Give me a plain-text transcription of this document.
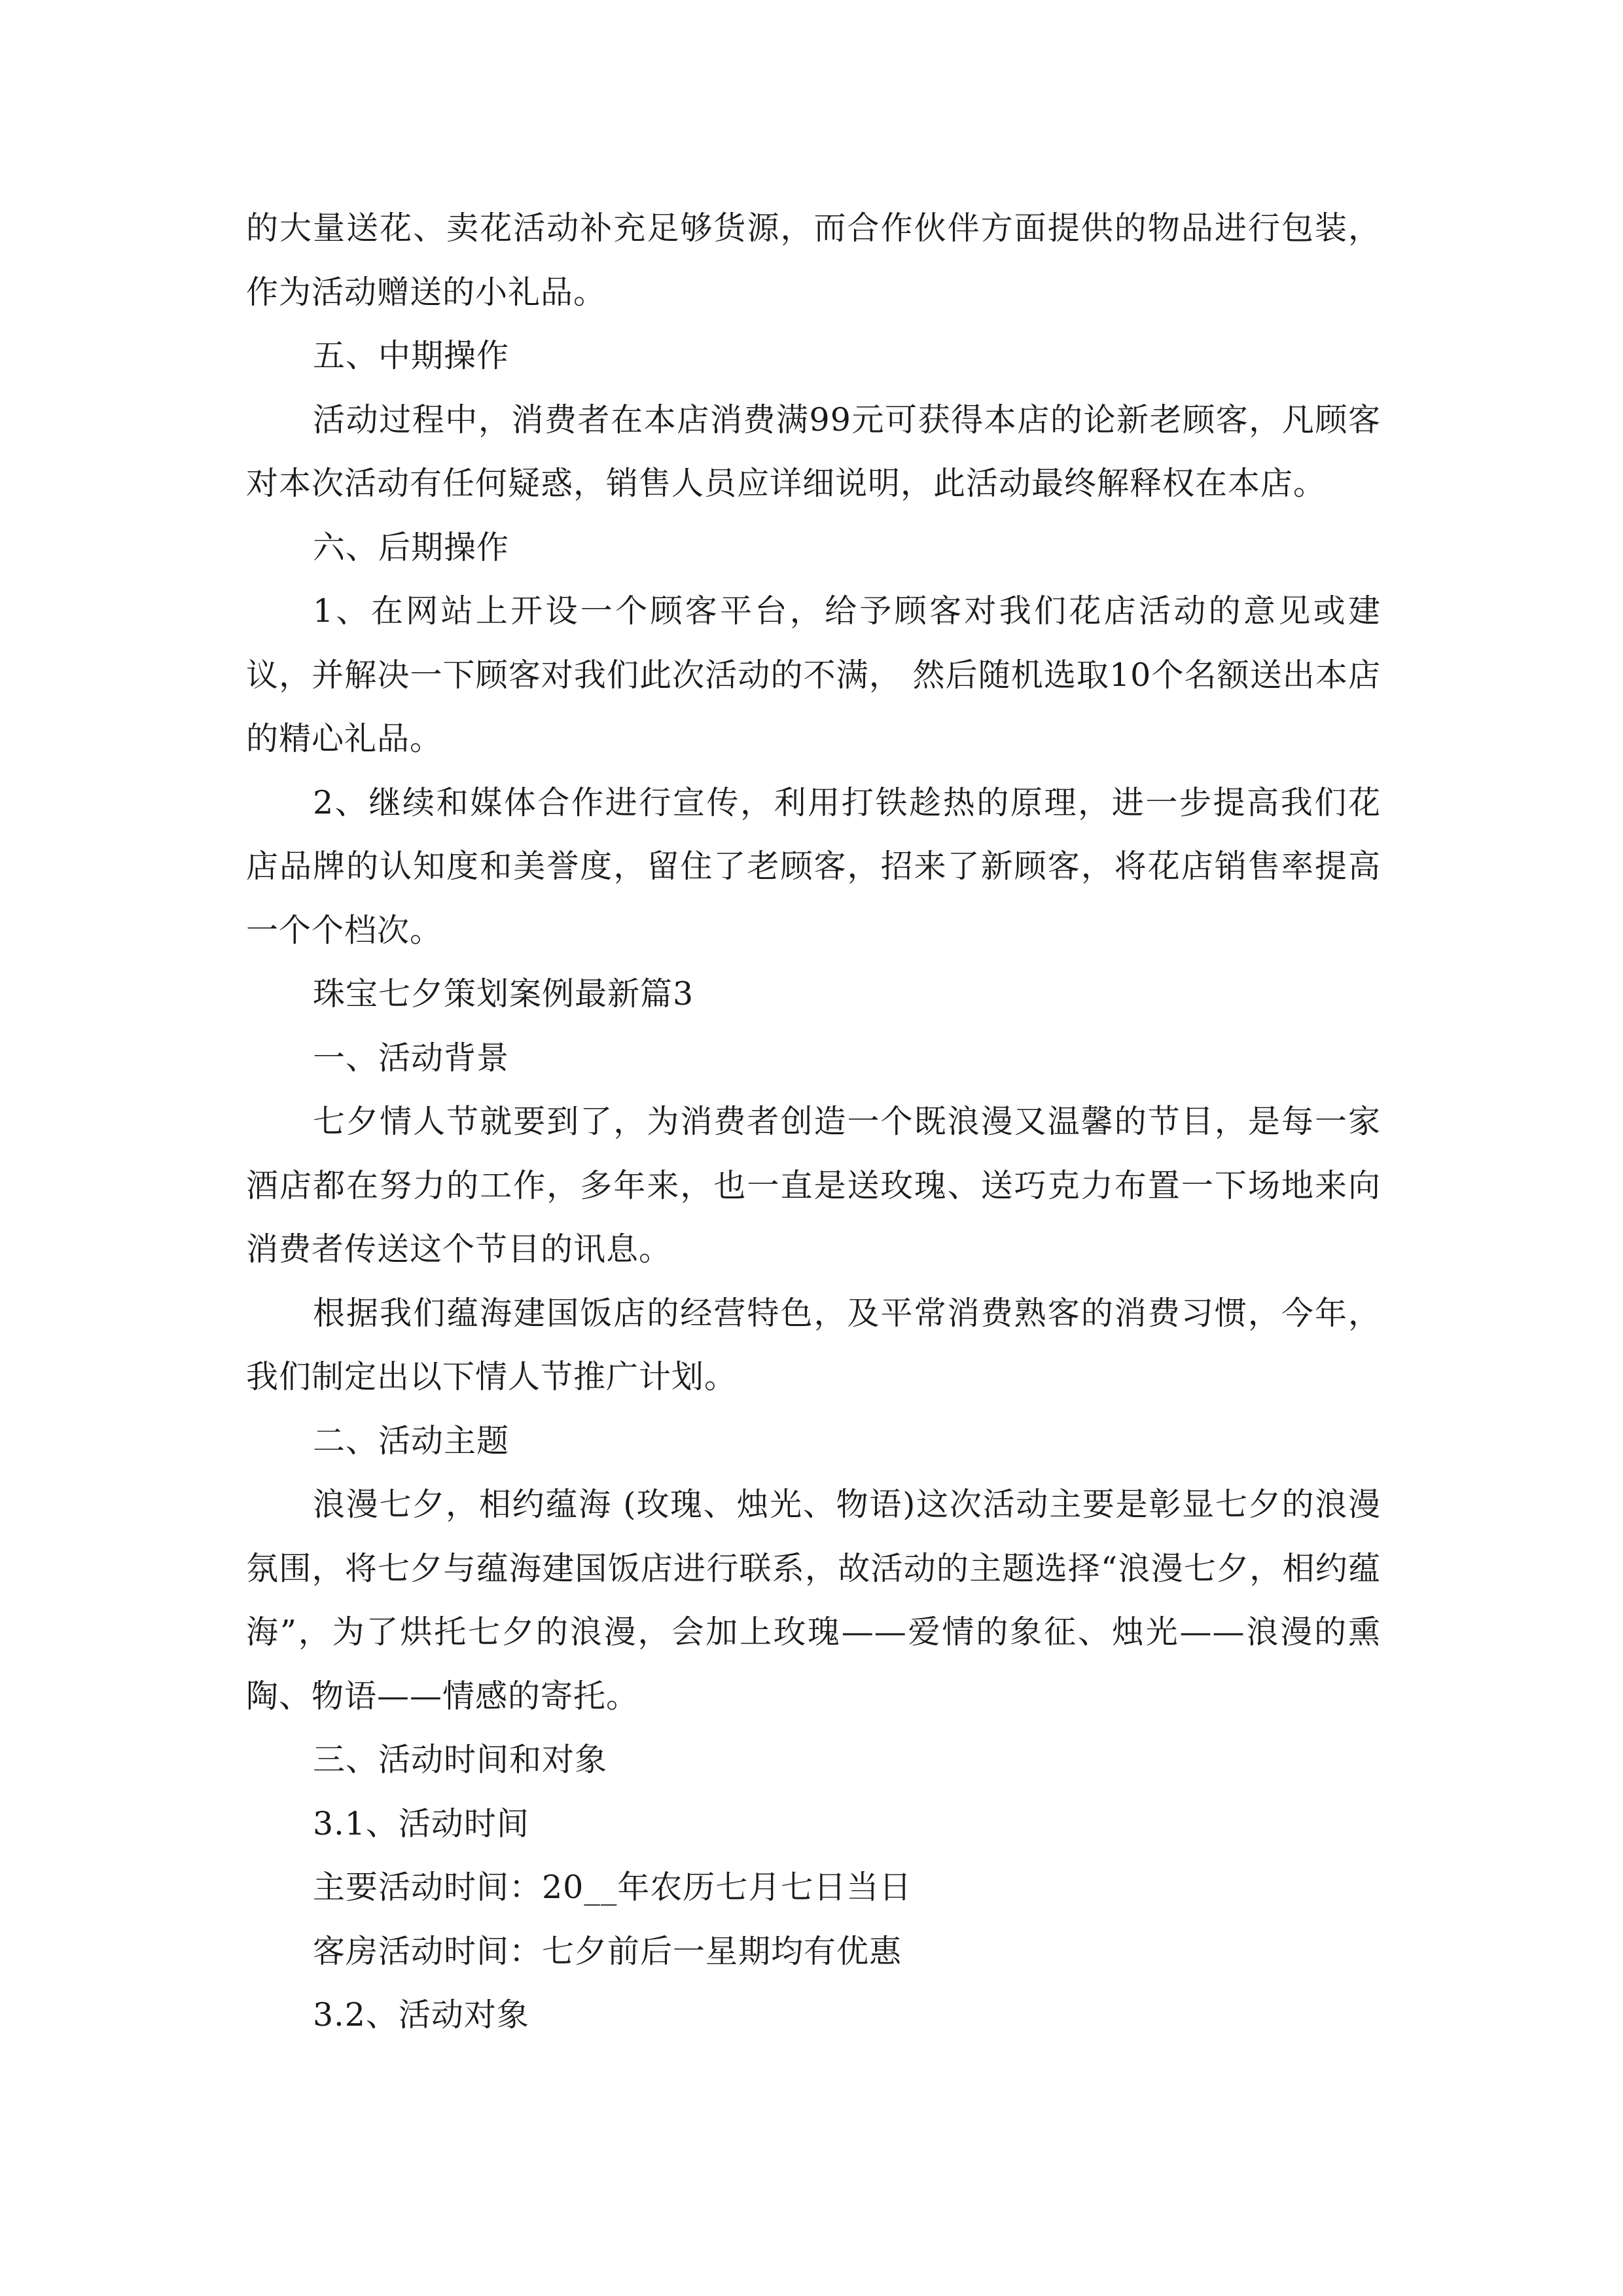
的大量送花、卖花活动补充足够货源，而合作伙伴方面提供的物品进行包装，作为活动赠送的小礼品。

五、中期操作

活动过程中，消费者在本店消费满99元可获得本店的论新老顾客，凡顾客对本次活动有任何疑惑，销售人员应详细说明，此活动最终解释权在本店。

六、后期操作

1、在网站上开设一个顾客平台，给予顾客对我们花店活动的意见或建议，并解决一下顾客对我们此次活动的不满， 然后随机选取10个名额送出本店的精心礼品。

2、继续和媒体合作进行宣传，利用打铁趁热的原理，进一步提高我们花店品牌的认知度和美誉度，留住了老顾客，招来了新顾客，将花店销售率提高一个个档次。

珠宝七夕策划案例最新篇3

一、活动背景

七夕情人节就要到了，为消费者创造一个既浪漫又温馨的节目，是每一家酒店都在努力的工作，多年来，也一直是送玫瑰、送巧克力布置一下场地来向消费者传送这个节目的讯息。

根据我们蕴海建国饭店的经营特色，及平常消费熟客的消费习惯，今年，我们制定出以下情人节推广计划。

二、活动主题

浪漫七夕，相约蕴海 (玫瑰、烛光、物语)这次活动主要是彰显七夕的浪漫氛围，将七夕与蕴海建国饭店进行联系，故活动的主题选择“浪漫七夕，相约蕴海”，为了烘托七夕的浪漫，会加上玫瑰——爱情的象征、烛光——浪漫的熏陶、物语——情感的寄托。

三、活动时间和对象

3.1、活动时间

主要活动时间：20__年农历七月七日当日

客房活动时间：七夕前后一星期均有优惠

3.2、活动对象
